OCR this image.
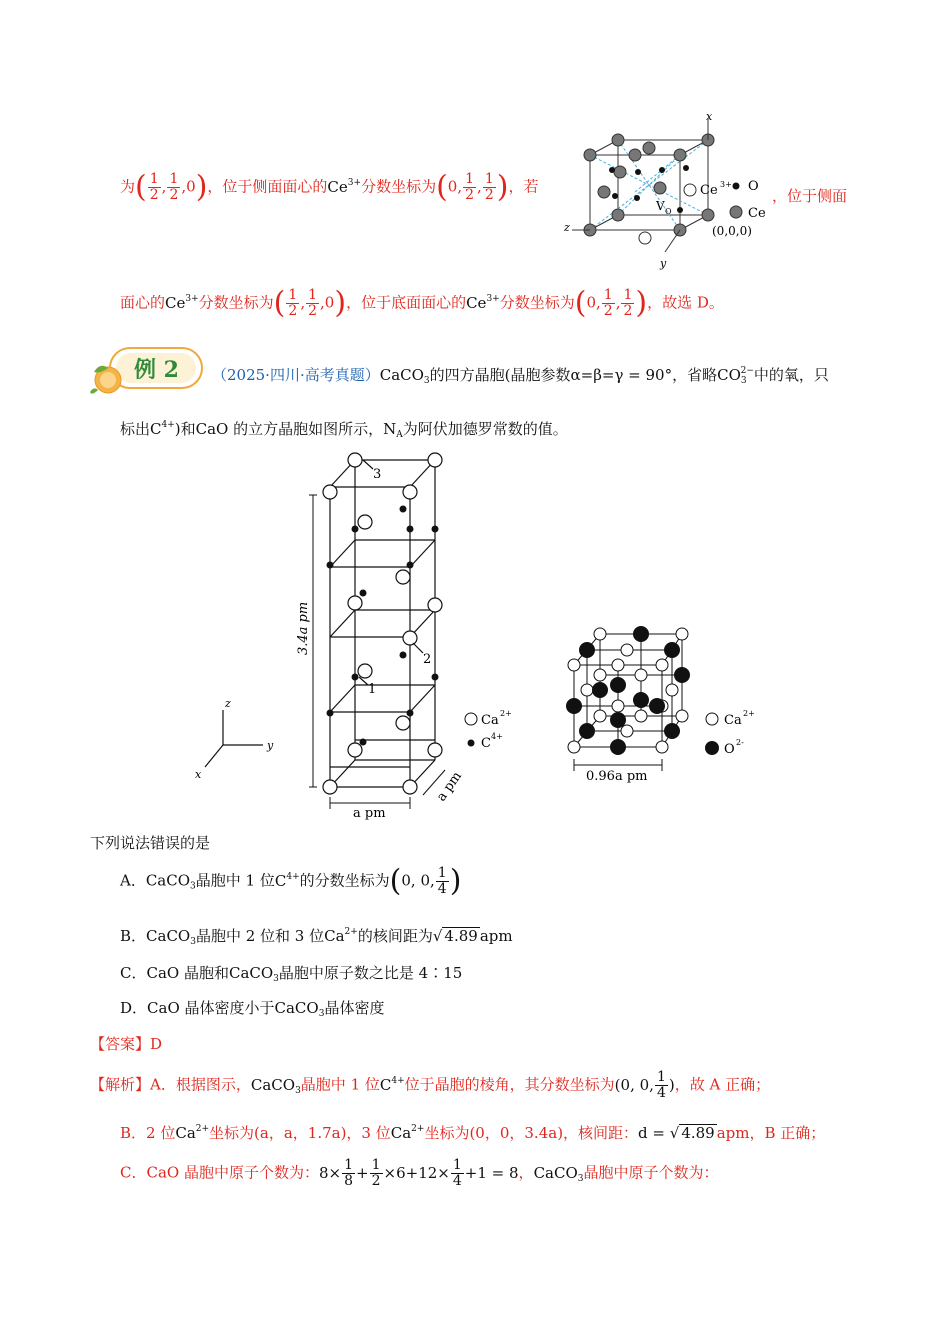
为( $\frac{1}{2}$ , $\frac{1}{2} ,0$)，位于侧面面心的$Ce^{3+}$分数坐标为(0, $\frac{1}{2}$ , $\frac{1}{2}$ )，若
，位于侧面
Ce 3+ O
Ce
V O
(0,0,0)
x
z
y
面心的$Ce^{3+}$分数坐标为( $\frac{1}{2}$ , $\frac{1}{2} ,0$)，位于底面面心的$Ce^{3+}$分数坐标为(0, $\frac{1}{2}$ , $\frac{1}{2}$ )，故选 D。
例 2 （2025·四川·高考真题）CaCO$_3$的四方晶胞(晶胞参数α=β=γ = 90°，省略$CO_3^{2-}$中的氧，只
标出$C^{4+}$)和CaO 的立方晶胞如图所示，$N_A$为阿伏加德罗常数的值。
3
2
1
3.4a pm
a pm
a pm
z
y
x
Ca 2+
C 4+
0.96a pm
Ca 2+
O 2-
下列说法错误的是
A．CaCO$_3$晶胞中 1 位$C^{4+}$的分数坐标为(0, 0, $\frac{1}{4}$ )
B．CaCO$_3$晶胞中 2 位和 3 位$Ca^{2+}$的核间距为√ 4.89 apm
C．CaO 晶胞和CaCO$_3$晶胞中原子数之比是 4∶15
D．CaO 晶体密度小于CaCO$_3$晶体密度
【答案】D
【解析】A．根据图示，CaCO$_3$晶胞中 1 位$C^{4+}$位于晶胞的棱角，其分数坐标为(0, 0, $\frac{1}{4}$ )，故 A 正确；
B．2 位$Ca^{2+}$坐标为(a，a，1.7a)，3 位$Ca^{2+}$坐标为(0，0，3.4a)，核间距：d = √ 4.89 apm，B 正确；
C．CaO 晶胞中原子个数为：$8\times \frac{1}{8} + \frac{1}{2} \times 6+12\times \frac{1}{4} +1 = 8$，CaCO$_3$晶胞中原子个数为：
